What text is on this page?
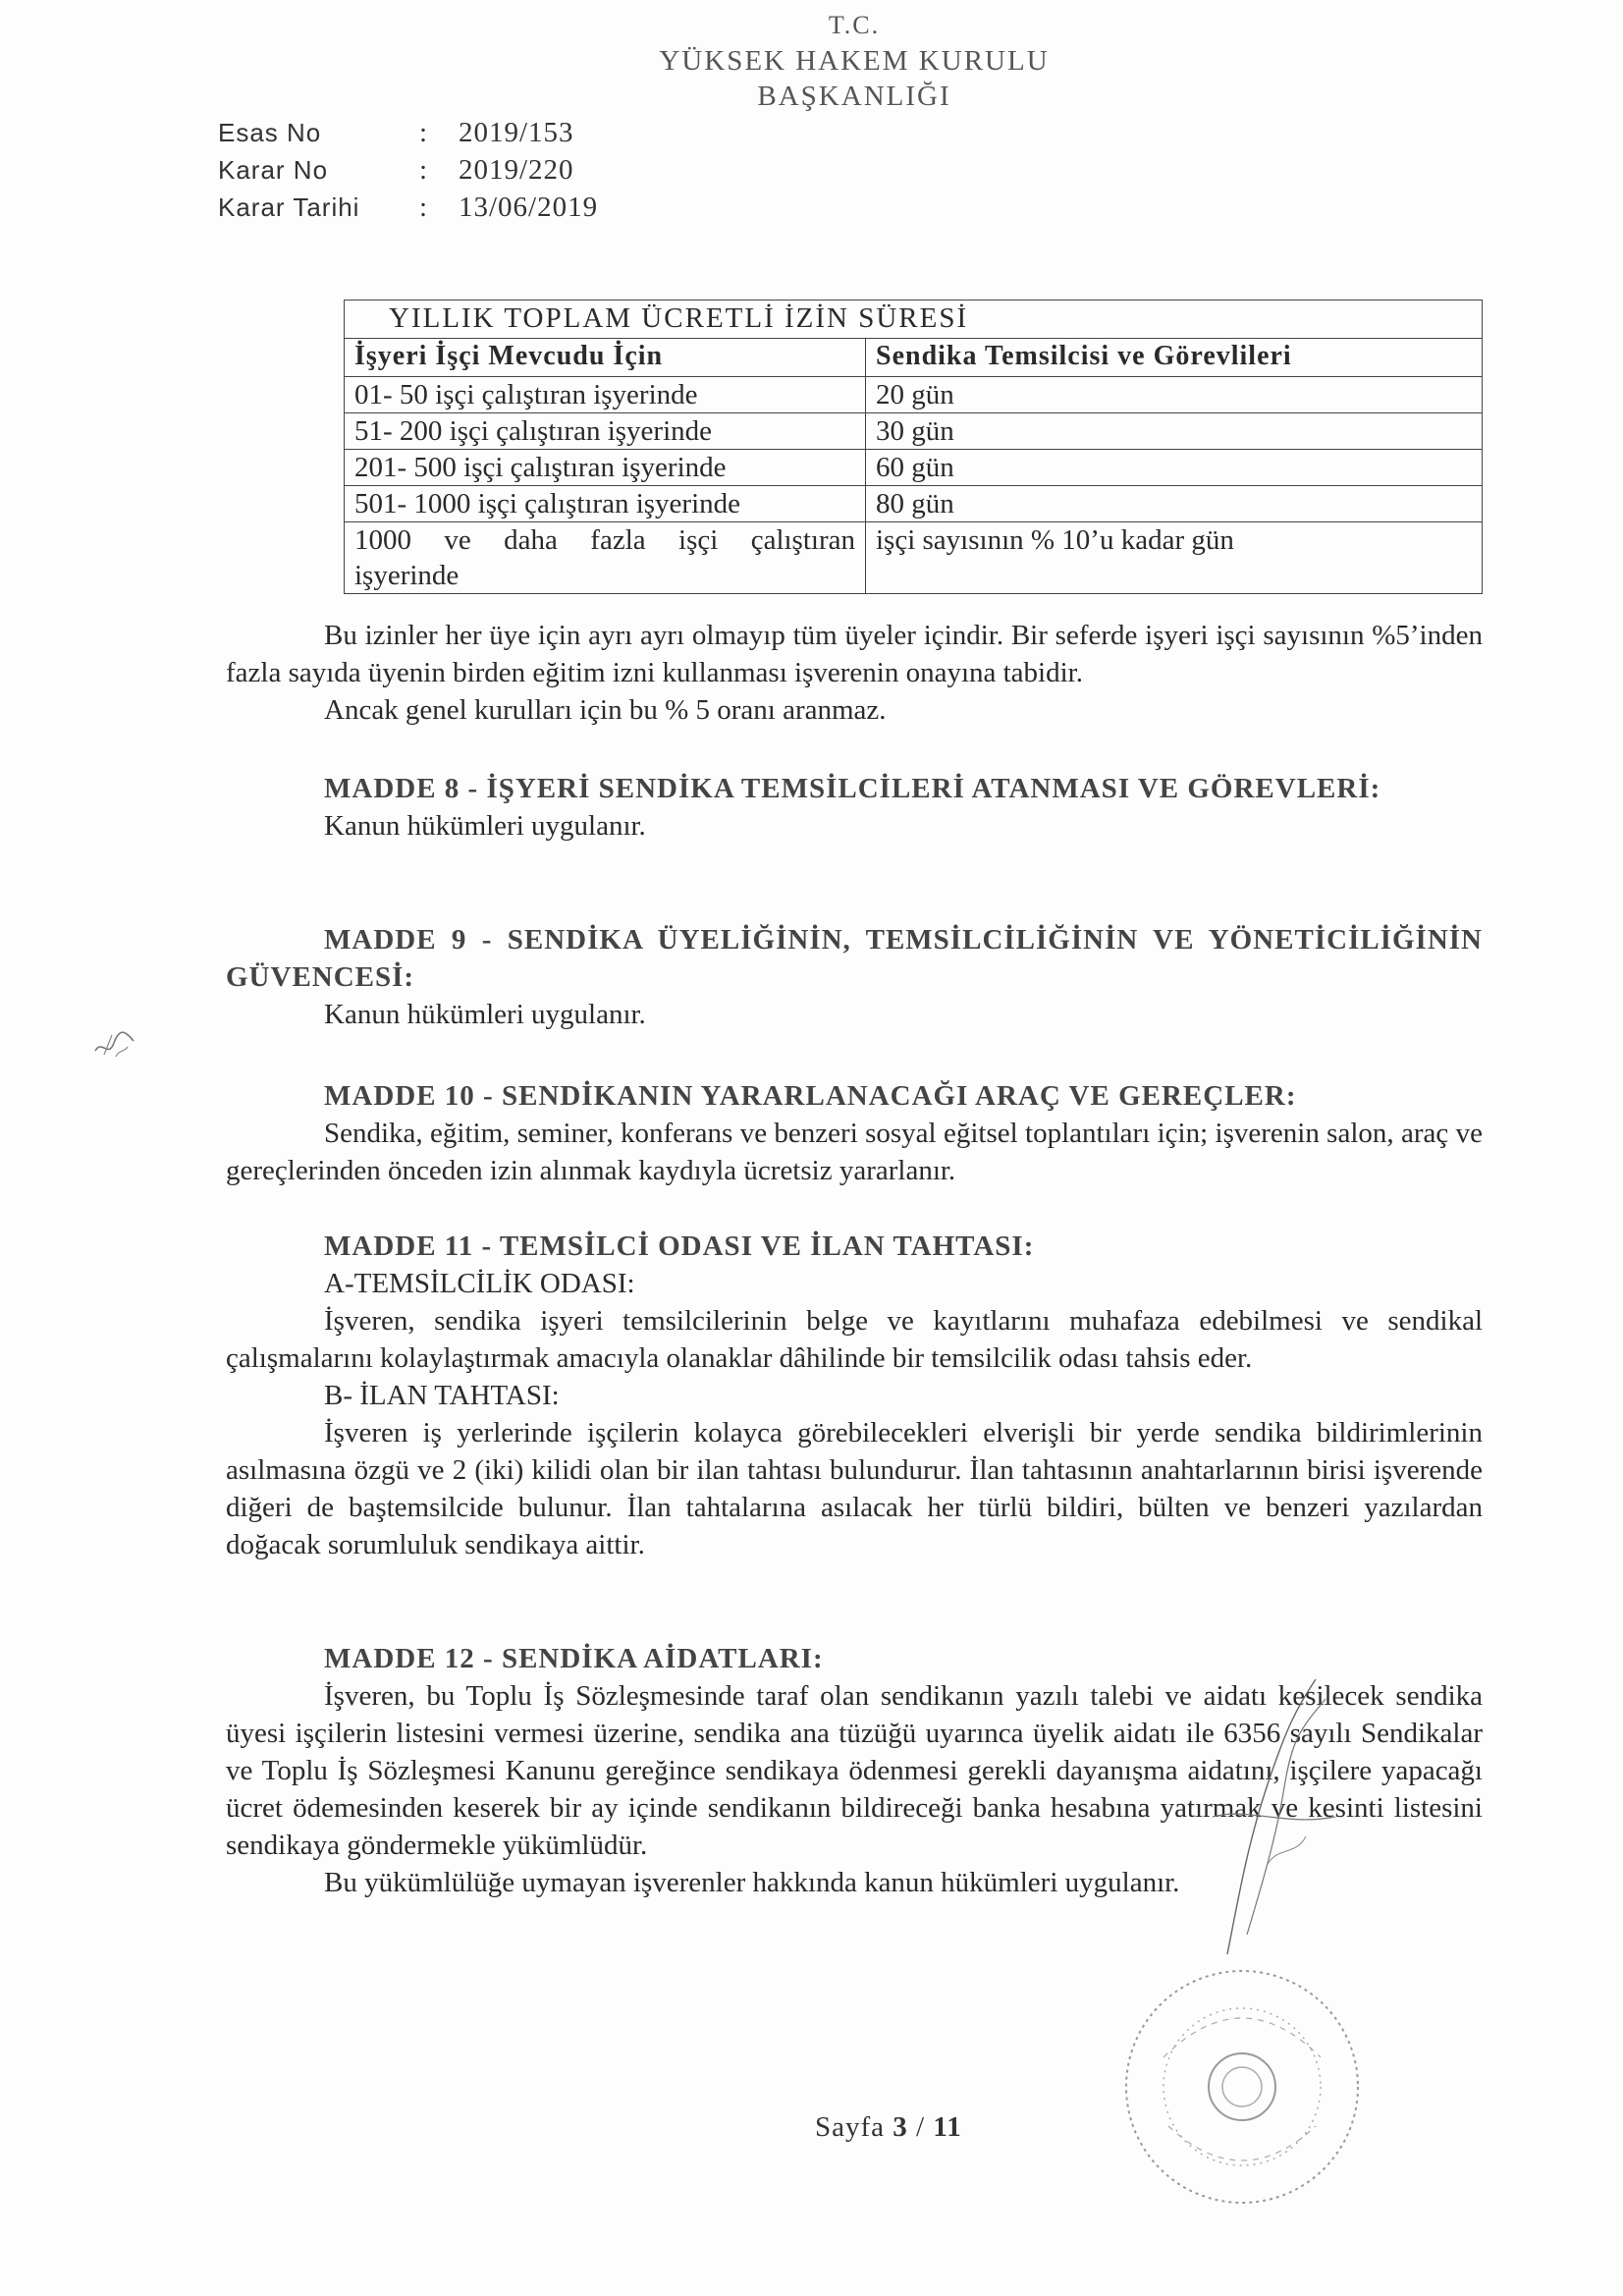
T.C.
YÜKSEK HAKEM KURULU
BAŞKANLIĞI
Esas No	:	2019/153
Karar No	:	2019/220
Karar Tarihi	:	13/06/2019
YILLIK TOPLAM ÜCRETLİ İZİN SÜRESİ	
İşyeri İşçi Mevcudu İçin	Sendika Temsilcisi ve Görevlileri
01- 50 işçi çalıştıran işyerinde	20 gün
51- 200 işçi çalıştıran işyerinde	30 gün
201- 500 işçi çalıştıran işyerinde	60 gün
501- 1000 işçi çalıştıran işyerinde	80 gün

1000 ve daha fazla işçi çalıştıran
işyerinde	işçi sayısının % 10’u kadar gün

Bu izinler her üye için ayrı ayrı olmayıp tüm üyeler içindir. Bir seferde işyeri işçi sayısının %5’inden fazla sayıda üyenin birden eğitim izni kullanması işverenin onayına tabidir.

Ancak genel kurulları için bu % 5 oranı aranmaz.

MADDE 8 - İŞYERİ SENDİKA TEMSİLCİLERİ ATANMASI VE GÖREVLERİ:

Kanun hükümleri uygulanır.

MADDE 9 - SENDİKA ÜYELİĞİNİN, TEMSİLCİLİĞİNİN VE YÖNETİCİLİĞİNİN GÜVENCESİ:

Kanun hükümleri uygulanır.

MADDE 10 - SENDİKANIN YARARLANACAĞI ARAÇ VE GEREÇLER:

Sendika, eğitim, seminer, konferans ve benzeri sosyal eğitsel toplantıları için; işverenin salon, araç ve gereçlerinden önceden izin alınmak kaydıyla ücretsiz yararlanır.

MADDE 11 - TEMSİLCİ ODASI VE İLAN TAHTASI:

A-TEMSİLCİLİK ODASI:

İşveren, sendika işyeri temsilcilerinin belge ve kayıtlarını muhafaza edebilmesi ve sendikal çalışmalarını kolaylaştırmak amacıyla olanaklar dâhilinde bir temsilcilik odası tahsis eder.

B- İLAN TAHTASI:

İşveren iş yerlerinde işçilerin kolayca görebilecekleri elverişli bir yerde sendika bildirimlerinin asılmasına özgü ve 2 (iki) kilidi olan bir ilan tahtası bulundurur. İlan tahtasının anahtarlarının birisi işverende diğeri de baştemsilcide bulunur. İlan tahtalarına asılacak her türlü bildiri, bülten ve benzeri yazılardan doğacak sorumluluk sendikaya aittir.

MADDE 12 - SENDİKA AİDATLARI:

İşveren, bu Toplu İş Sözleşmesinde taraf olan sendikanın yazılı talebi ve aidatı kesilecek sendika üyesi işçilerin listesini vermesi üzerine, sendika ana tüzüğü uyarınca üyelik aidatı ile 6356 sayılı Sendikalar ve Toplu İş Sözleşmesi Kanunu gereğince sendikaya ödenmesi gerekli dayanışma aidatını, işçilere yapacağı ücret ödemesinden keserek bir ay içinde sendikanın bildireceği banka hesabına yatırmak ve kesinti listesini sendikaya göndermekle yükümlüdür.

Bu yükümlülüğe uymayan işverenler hakkında kanun hükümleri uygulanır.

Sayfa 3 / 11
